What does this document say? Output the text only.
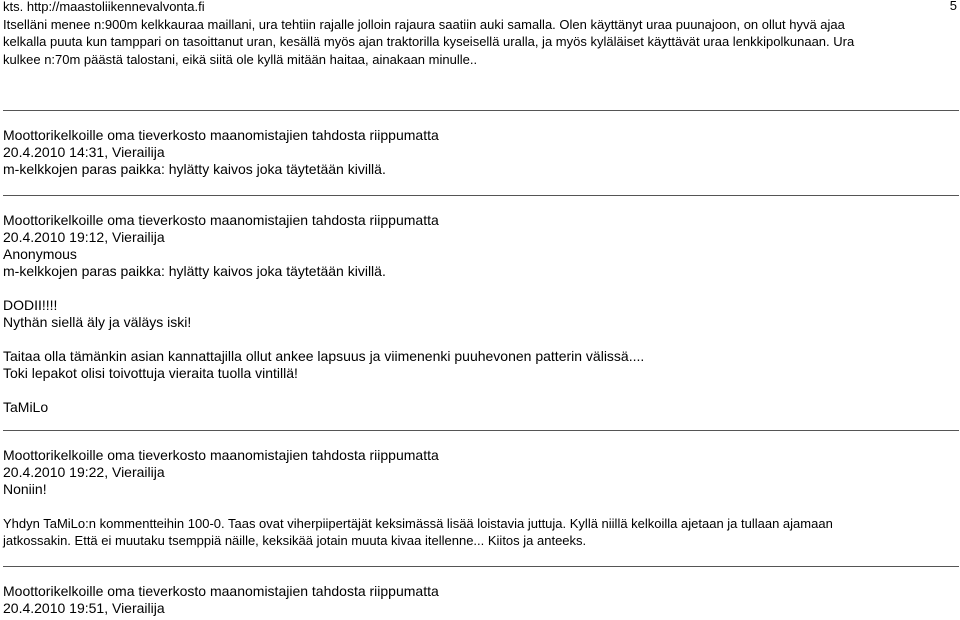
5

kts. http://maastoliikennevalvonta.fi

Itselläni menee n:900m kelkkauraa maillani, ura tehtiin rajalle jolloin rajaura saatiin auki samalla. Olen käyttänyt uraa puunajoon, on ollut hyvä ajaa

kelkalla puuta kun tamppari on tasoittanut uran, kesällä myös ajan traktorilla kyseisellä uralla, ja myös kyläläiset käyttävät uraa lenkkipolkunaan. Ura

kulkee n:70m päästä talostani, eikä siitä ole kyllä mitään haitaa, ainakaan minulle..

Moottorikelkoille oma tieverkosto maanomistajien tahdosta riippumatta

20.4.2010 14:31, Vierailija

m-kelkkojen paras paikka: hylätty kaivos joka täytetään kivillä.

Moottorikelkoille oma tieverkosto maanomistajien tahdosta riippumatta

20.4.2010 19:12, Vierailija

Anonymous

m-kelkkojen paras paikka: hylätty kaivos joka täytetään kivillä.

DODII!!!!

Nythän siellä äly ja väläys iski!

Taitaa olla tämänkin asian kannattajilla ollut ankee lapsuus ja viimenenki puuhevonen patterin välissä....

Toki lepakot olisi toivottuja vieraita tuolla vintillä!

TaMiLo

Moottorikelkoille oma tieverkosto maanomistajien tahdosta riippumatta

20.4.2010 19:22, Vierailija

Noniin!

Yhdyn TaMiLo:n kommentteihin 100-0. Taas ovat viherpiipertäjät keksimässä lisää loistavia juttuja. Kyllä niillä kelkoilla ajetaan ja tullaan ajamaan

jatkossakin. Että ei muutaku tsemppiä näille, keksikää jotain muuta kivaa itellenne... Kiitos ja anteeks.

Moottorikelkoille oma tieverkosto maanomistajien tahdosta riippumatta

20.4.2010 19:51, Vierailija
